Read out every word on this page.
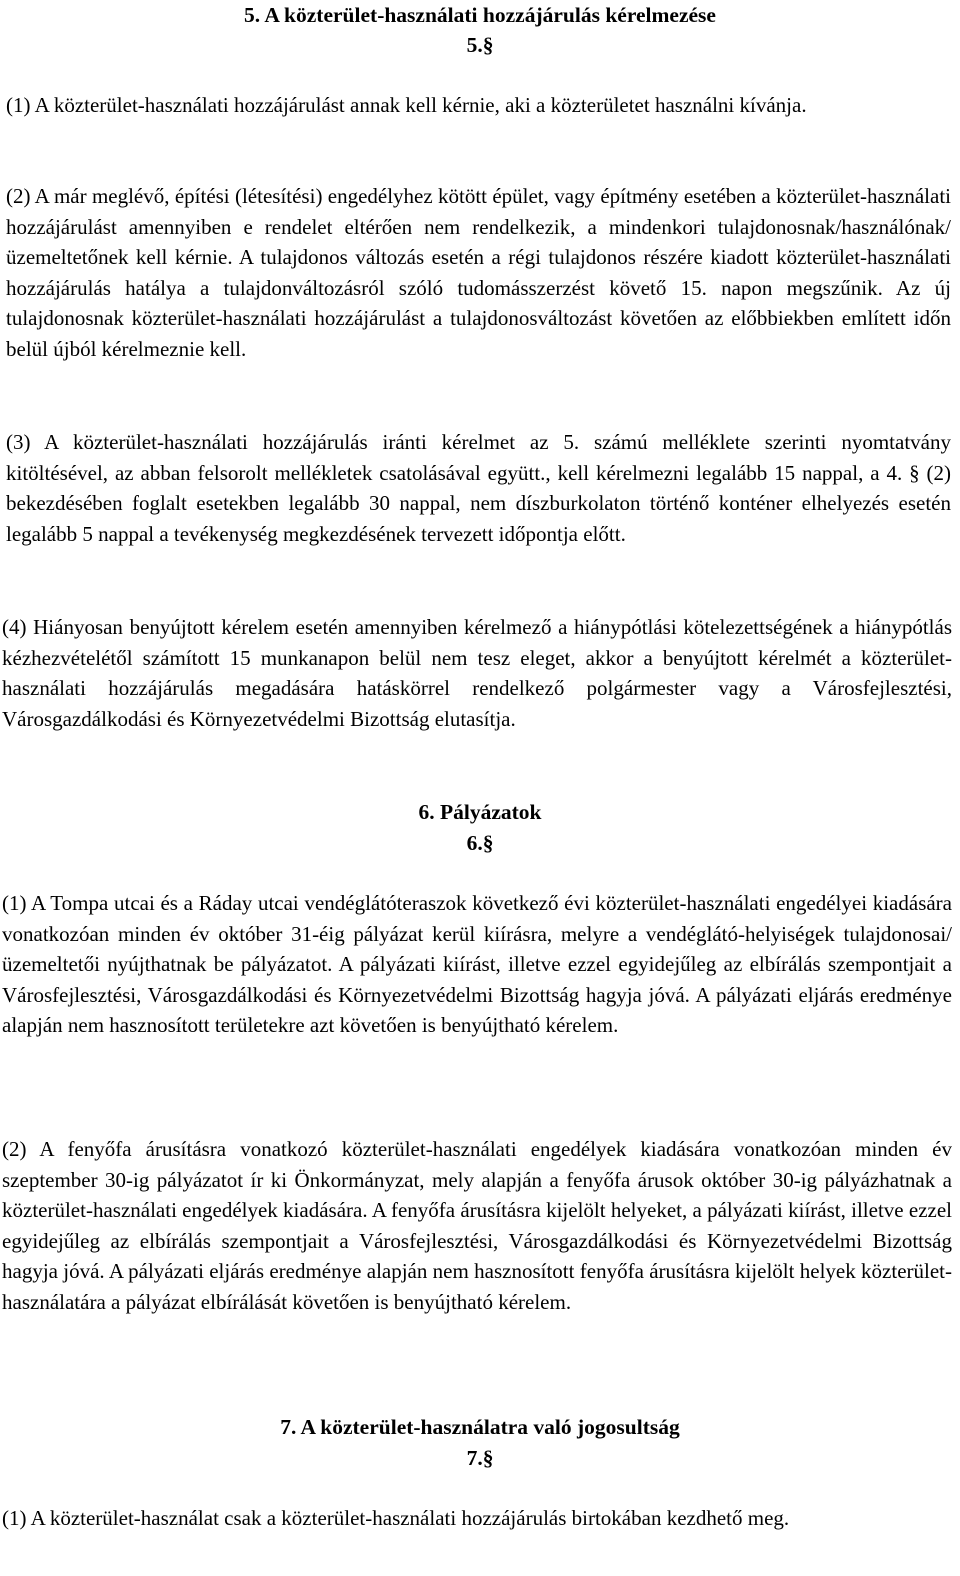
5. A közterület-használati hozzájárulás kérelmezése
5.§

(1) A közterület-használati hozzájárulást annak kell kérnie, aki a közterületet használni kívánja.

(2) A már meglévő, építési (létesítési) engedélyhez kötött épület, vagy építmény esetében a közterület-használati hozzájárulást amennyiben e rendelet eltérően nem rendelkezik, a mindenkori tulajdonosnak/használónak/üzemeltetőnek kell kérnie. A tulajdonos változás esetén a régi tulajdonos részére kiadott közterület-használati hozzájárulás hatálya a tulajdonváltozásról szóló tudomásszerzést követő 15. napon megszűnik. Az új tulajdonosnak közterület-használati hozzájárulást a tulajdonosváltozást követően az előbbiekben említett időn belül újból kérelmeznie kell.

(3) A közterület-használati hozzájárulás iránti kérelmet az 5. számú melléklete szerinti nyomtatvány kitöltésével, az abban felsorolt mellékletek csatolásával együtt., kell kérelmezni legalább 15 nappal, a 4. § (2) bekezdésében foglalt esetekben legalább 30 nappal, nem díszburkolaton történő konténer elhelyezés esetén legalább 5 nappal a tevékenység megkezdésének tervezett időpontja előtt.

(4) Hiányosan benyújtott kérelem esetén amennyiben kérelmező a hiánypótlási kötelezettségének a hiánypótlás kézhezvételétől számított 15 munkanapon belül nem tesz eleget, akkor a benyújtott kérelmét a közterület-használati hozzájárulás megadására hatáskörrel rendelkező polgármester vagy a Városfejlesztési, Városgazdálkodási és Környezetvédelmi Bizottság elutasítja.

6. Pályázatok
6.§

(1) A Tompa utcai és a Ráday utcai vendéglátóteraszok következő évi közterület-használati engedélyei kiadására vonatkozóan minden év október 31-éig pályázat kerül kiírásra, melyre a vendéglátó-helyiségek tulajdonosai/üzemeltetői nyújthatnak be pályázatot. A pályázati kiírást, illetve ezzel egyidejűleg az elbírálás szempontjait a Városfejlesztési, Városgazdálkodási és Környezetvédelmi Bizottság hagyja jóvá. A pályázati eljárás eredménye alapján nem hasznosított területekre azt követően is benyújtható kérelem.

(2) A fenyőfa árusításra vonatkozó közterület-használati engedélyek kiadására vonatkozóan minden év szeptember 30-ig pályázatot ír ki Önkormányzat, mely alapján a fenyőfa árusok október 30-ig pályázhatnak a közterület-használati engedélyek kiadására. A fenyőfa árusításra kijelölt helyeket, a pályázati kiírást, illetve ezzel egyidejűleg az elbírálás szempontjait a Városfejlesztési, Városgazdálkodási és Környezetvédelmi Bizottság hagyja jóvá. A pályázati eljárás eredménye alapján nem hasznosított fenyőfa árusításra kijelölt helyek közterület-használatára a pályázat elbírálását követően is benyújtható kérelem.

7. A közterület-használatra való jogosultság
7.§

(1) A közterület-használat csak a közterület-használati hozzájárulás birtokában kezdhető meg.
